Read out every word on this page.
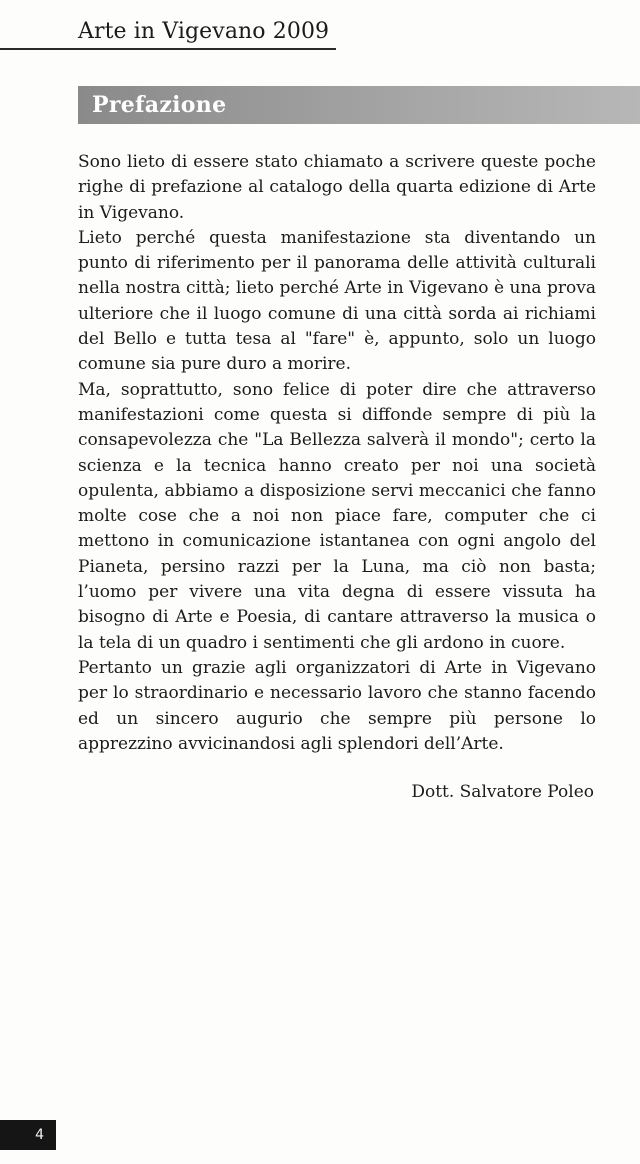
Arte in Vigevano 2009
Prefazione

Sono lieto di essere stato chiamato a scrivere queste poche righe di prefazione al catalogo della quarta edizione di Arte in Vigevano.

Lieto perché questa manifestazione sta diventando un punto di riferimento per il panorama delle attività culturali nella nostra città; lieto perché Arte in Vigevano è una prova ulteriore che il luogo comune di una città sorda ai richiami del Bello e tutta tesa al "fare" è, appunto, solo un luogo comune sia pure duro a morire.

Ma, soprattutto, sono felice di poter dire che attraverso manifestazioni come questa si diffonde sempre di più la consapevolezza che "La Bellezza salverà il mondo"; certo la scienza e la tecnica hanno creato per noi una società opulenta, abbiamo a disposizione servi meccanici che fanno molte cose che a noi non piace fare, computer che ci mettono in comunicazione istantanea con ogni angolo del Pianeta, persino razzi per la Luna, ma ciò non basta; l’uomo per vivere una vita degna di essere vissuta ha bisogno di Arte e Poesia, di cantare attraverso la musica o la tela di un quadro i sentimenti che gli ardono in cuore.

Pertanto un grazie agli organizzatori di Arte in Vigevano per lo straordinario e necessario lavoro che stanno facendo ed un sincero augurio che sempre più persone lo apprezzino avvicinandosi agli splendori dell’Arte.

Dott. Salvatore Poleo
4
